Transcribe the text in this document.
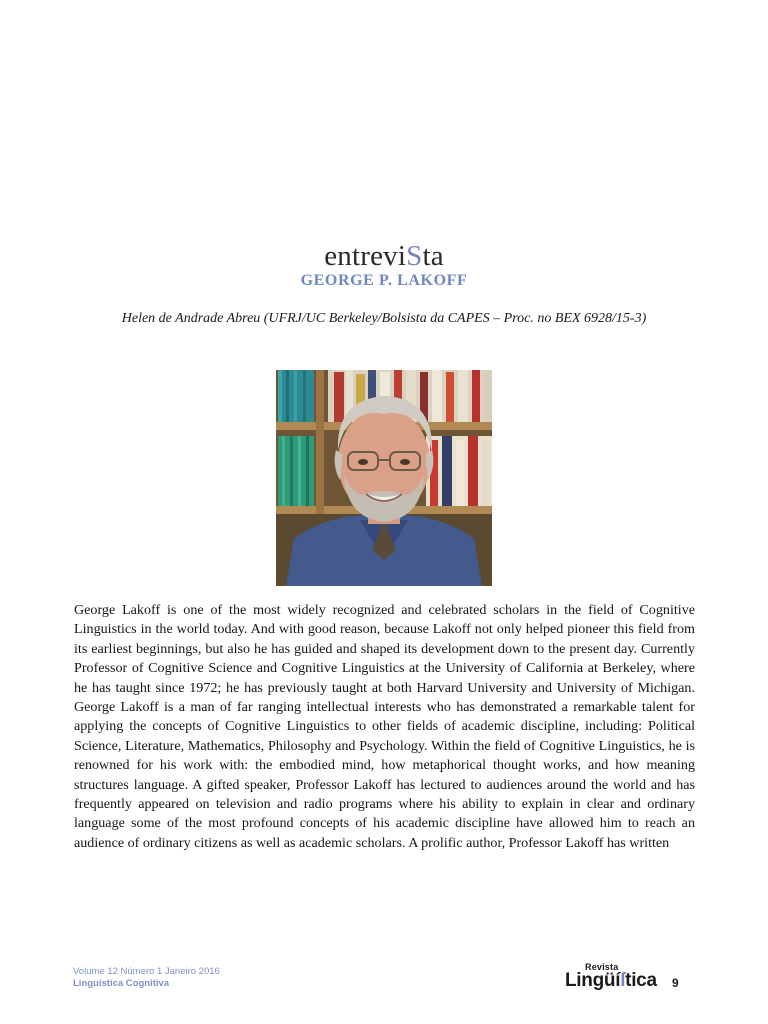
entreviSta
GEORGE P. LAKOFF
Helen de Andrade Abreu (UFRJ/UC Berkeley/Bolsista da CAPES – Proc. no BEX 6928/15-3)

George Lakoff is one of the most widely recognized and celebrated scholars in the field of Cognitive Linguistics in the world today. And with good reason, because Lakoff not only helped pioneer this field from its earliest beginnings, but also he has guided and shaped its development down to the present day. Currently Professor of Cognitive Science and Cognitive Linguistics at the University of California at Berkeley, where he has taught since 1972; he has previously taught at both Harvard University and University of Michigan. George Lakoff is a man of far ranging intellectual interests who has demonstrated a remarkable talent for applying the concepts of Cognitive Linguistics to other fields of academic discipline, including: Political Science, Literature, Mathematics, Philosophy and Psychology. Within the field of Cognitive Linguistics, he is renowned for his work with: the embodied mind, how metaphorical thought works, and how meaning structures language. A gifted speaker, Professor Lakoff has lectured to audiences around the world and has frequently appeared on television and radio programs where his ability to explain in clear and ordinary language some of the most profound concepts of his academic discipline have allowed him to reach an audience of ordinary citizens as well as academic scholars. A prolific author, Professor Lakoff has written

Volume 12 Número 1 Janeiro 2016
Linguística Cognitiva
Revista
Lingüíſtica 9
